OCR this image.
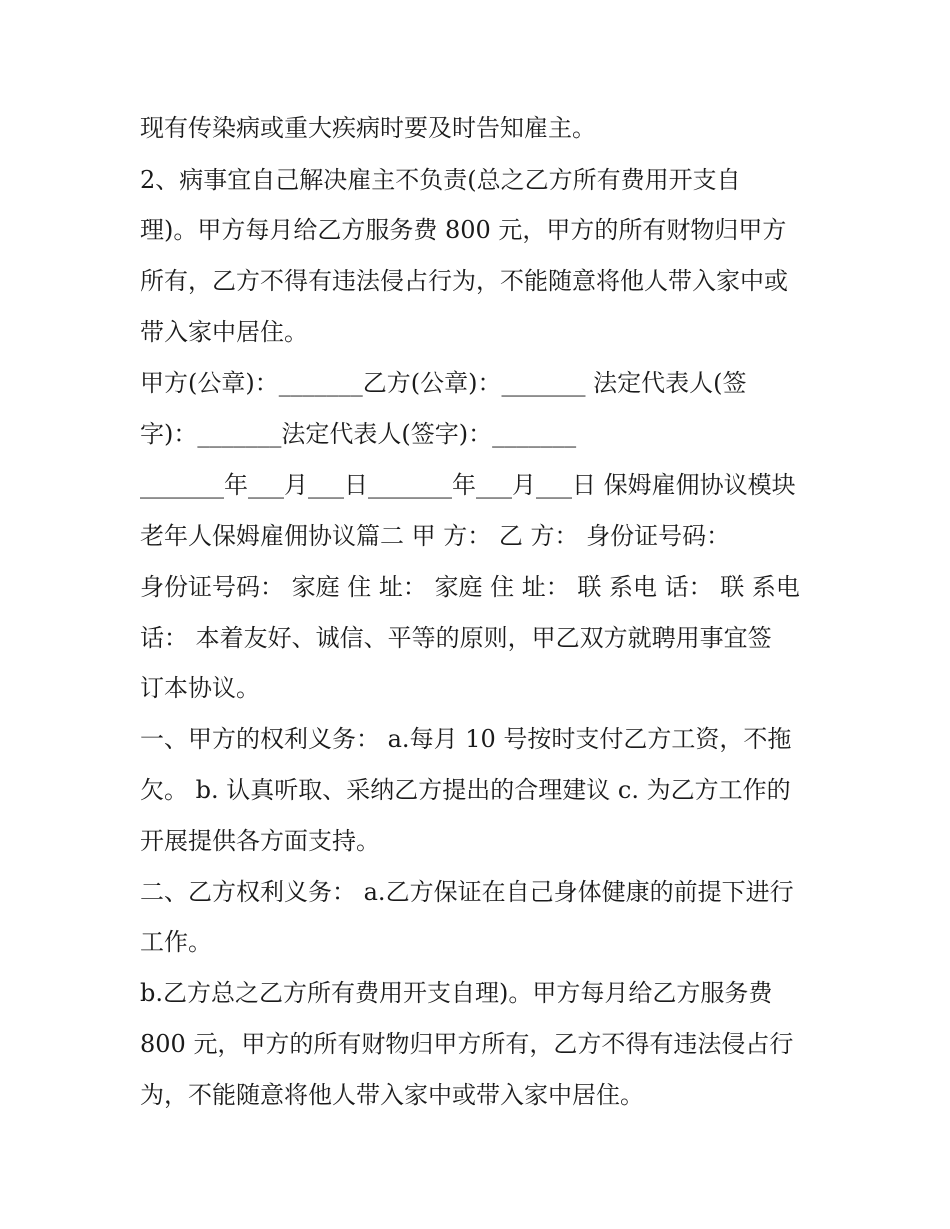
现有传染病或重大疾病时要及时告知雇主。
2、病事宜自己解决雇主不负责(总之乙方所有费用开支自
理)。甲方每月给乙方服务费 800 元，甲方的所有财物归甲方
所有，乙方不得有违法侵占行为，不能随意将他人带入家中或
带入家中居住。
甲方(公章)：_______乙方(公章)：_______ 法定代表人(签
字)：_______法定代表人(签字)：_______
_______年___月___日_______年___月___日 保姆雇佣协议模块
老年人保姆雇佣协议篇二 甲 方： 乙 方： 身份证号码：
身份证号码： 家庭 住 址： 家庭 住 址： 联 系电 话： 联 系电
话： 本着友好、诚信、平等的原则，甲乙双方就聘用事宜签
订本协议。
一、甲方的权利义务： a.每月 10 号按时支付乙方工资，不拖
欠。 b. 认真听取、采纳乙方提出的合理建议 c. 为乙方工作的
开展提供各方面支持。
二、乙方权利义务： a.乙方保证在自己身体健康的前提下进行
工作。
b.乙方总之乙方所有费用开支自理)。甲方每月给乙方服务费
800 元，甲方的所有财物归甲方所有，乙方不得有违法侵占行
为，不能随意将他人带入家中或带入家中居住。
